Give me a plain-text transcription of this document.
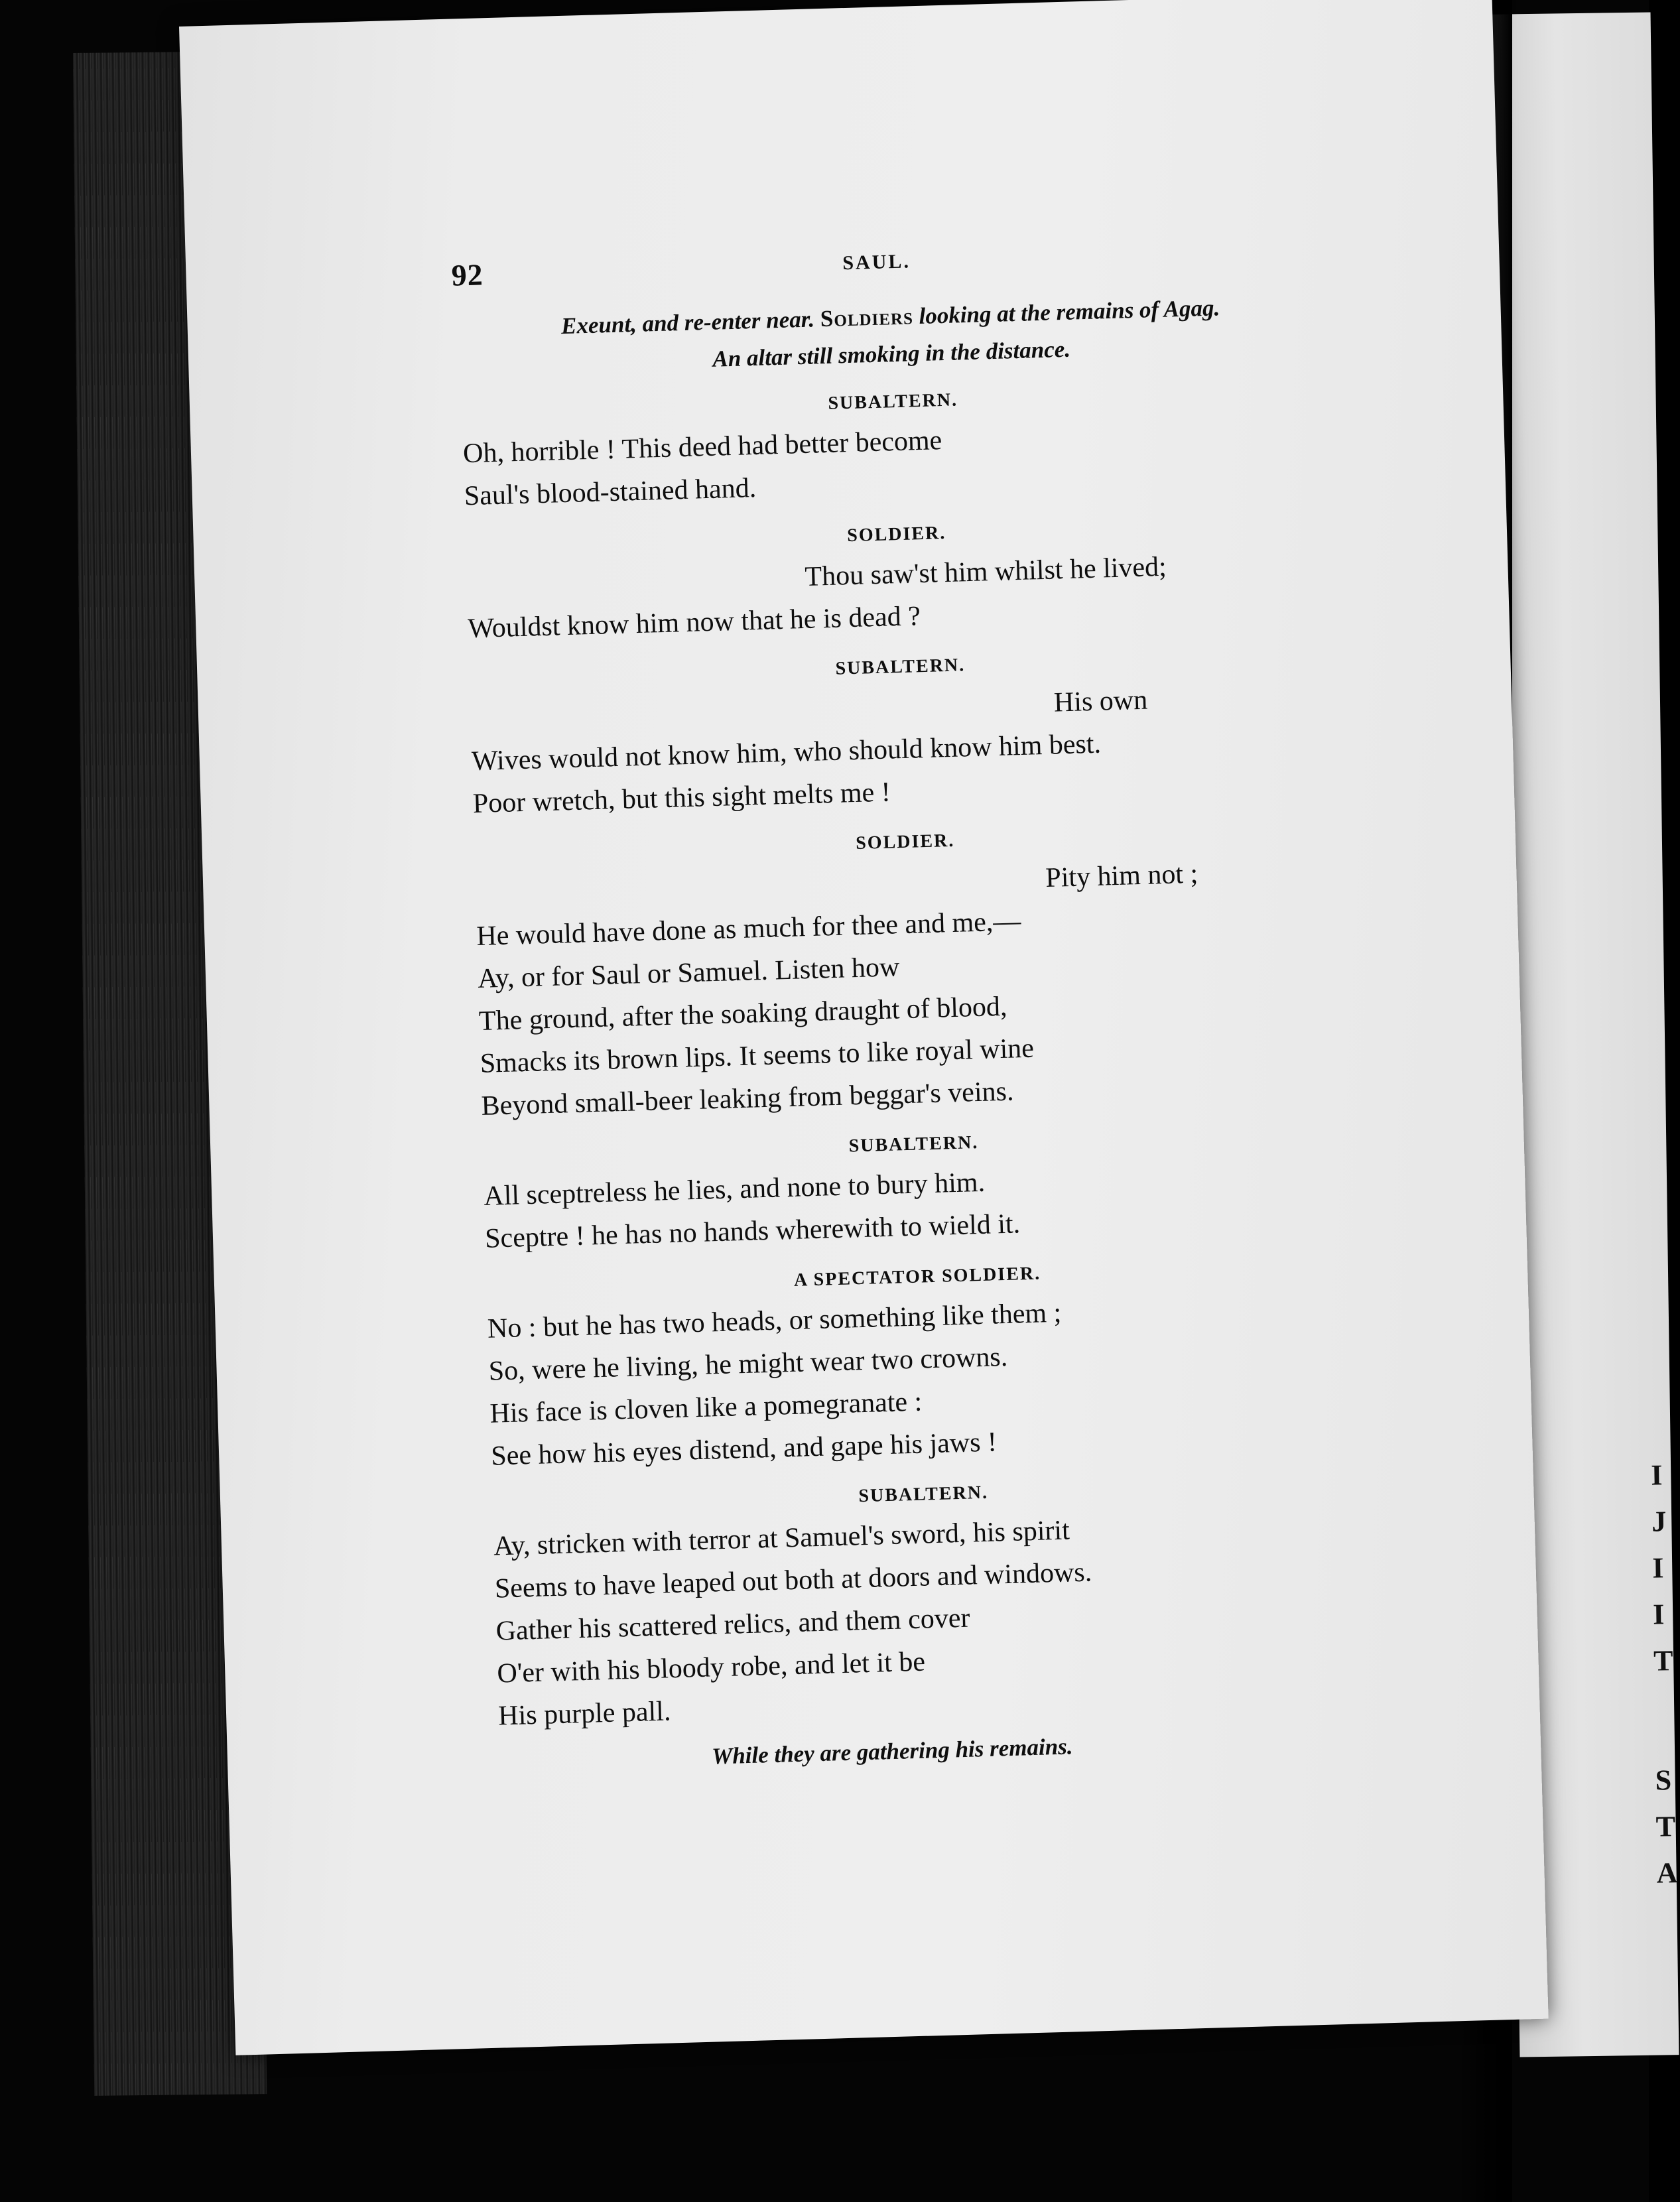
I
J
I
I
T
S
T
A
92	SAUL.
Exeunt, and re-enter near. Soldiers looking at the remains of Agag.
An altar still smoking in the distance.
SUBALTERN.
Oh, horrible ! This deed had better become
Saul's blood-stained hand.
SOLDIER.
Thou saw'st him whilst he lived;
Wouldst know him now that he is dead ?
SUBALTERN.
His own
Wives would not know him, who should know him best.
Poor wretch, but this sight melts me !
SOLDIER.
Pity him not ;
He would have done as much for thee and me,—
Ay, or for Saul or Samuel. Listen how
The ground, after the soaking draught of blood,
Smacks its brown lips. It seems to like royal wine
Beyond small-beer leaking from beggar's veins.
SUBALTERN.
All sceptreless he lies, and none to bury him.
Sceptre ! he has no hands wherewith to wield it.
A SPECTATOR SOLDIER.
No : but he has two heads, or something like them ;
So, were he living, he might wear two crowns.
His face is cloven like a pomegranate :
See how his eyes distend, and gape his jaws !
SUBALTERN.
Ay, stricken with terror at Samuel's sword, his spirit
Seems to have leaped out both at doors and windows.
Gather his scattered relics, and them cover
O'er with his bloody robe, and let it be
His purple pall.
While they are gathering his remains.
